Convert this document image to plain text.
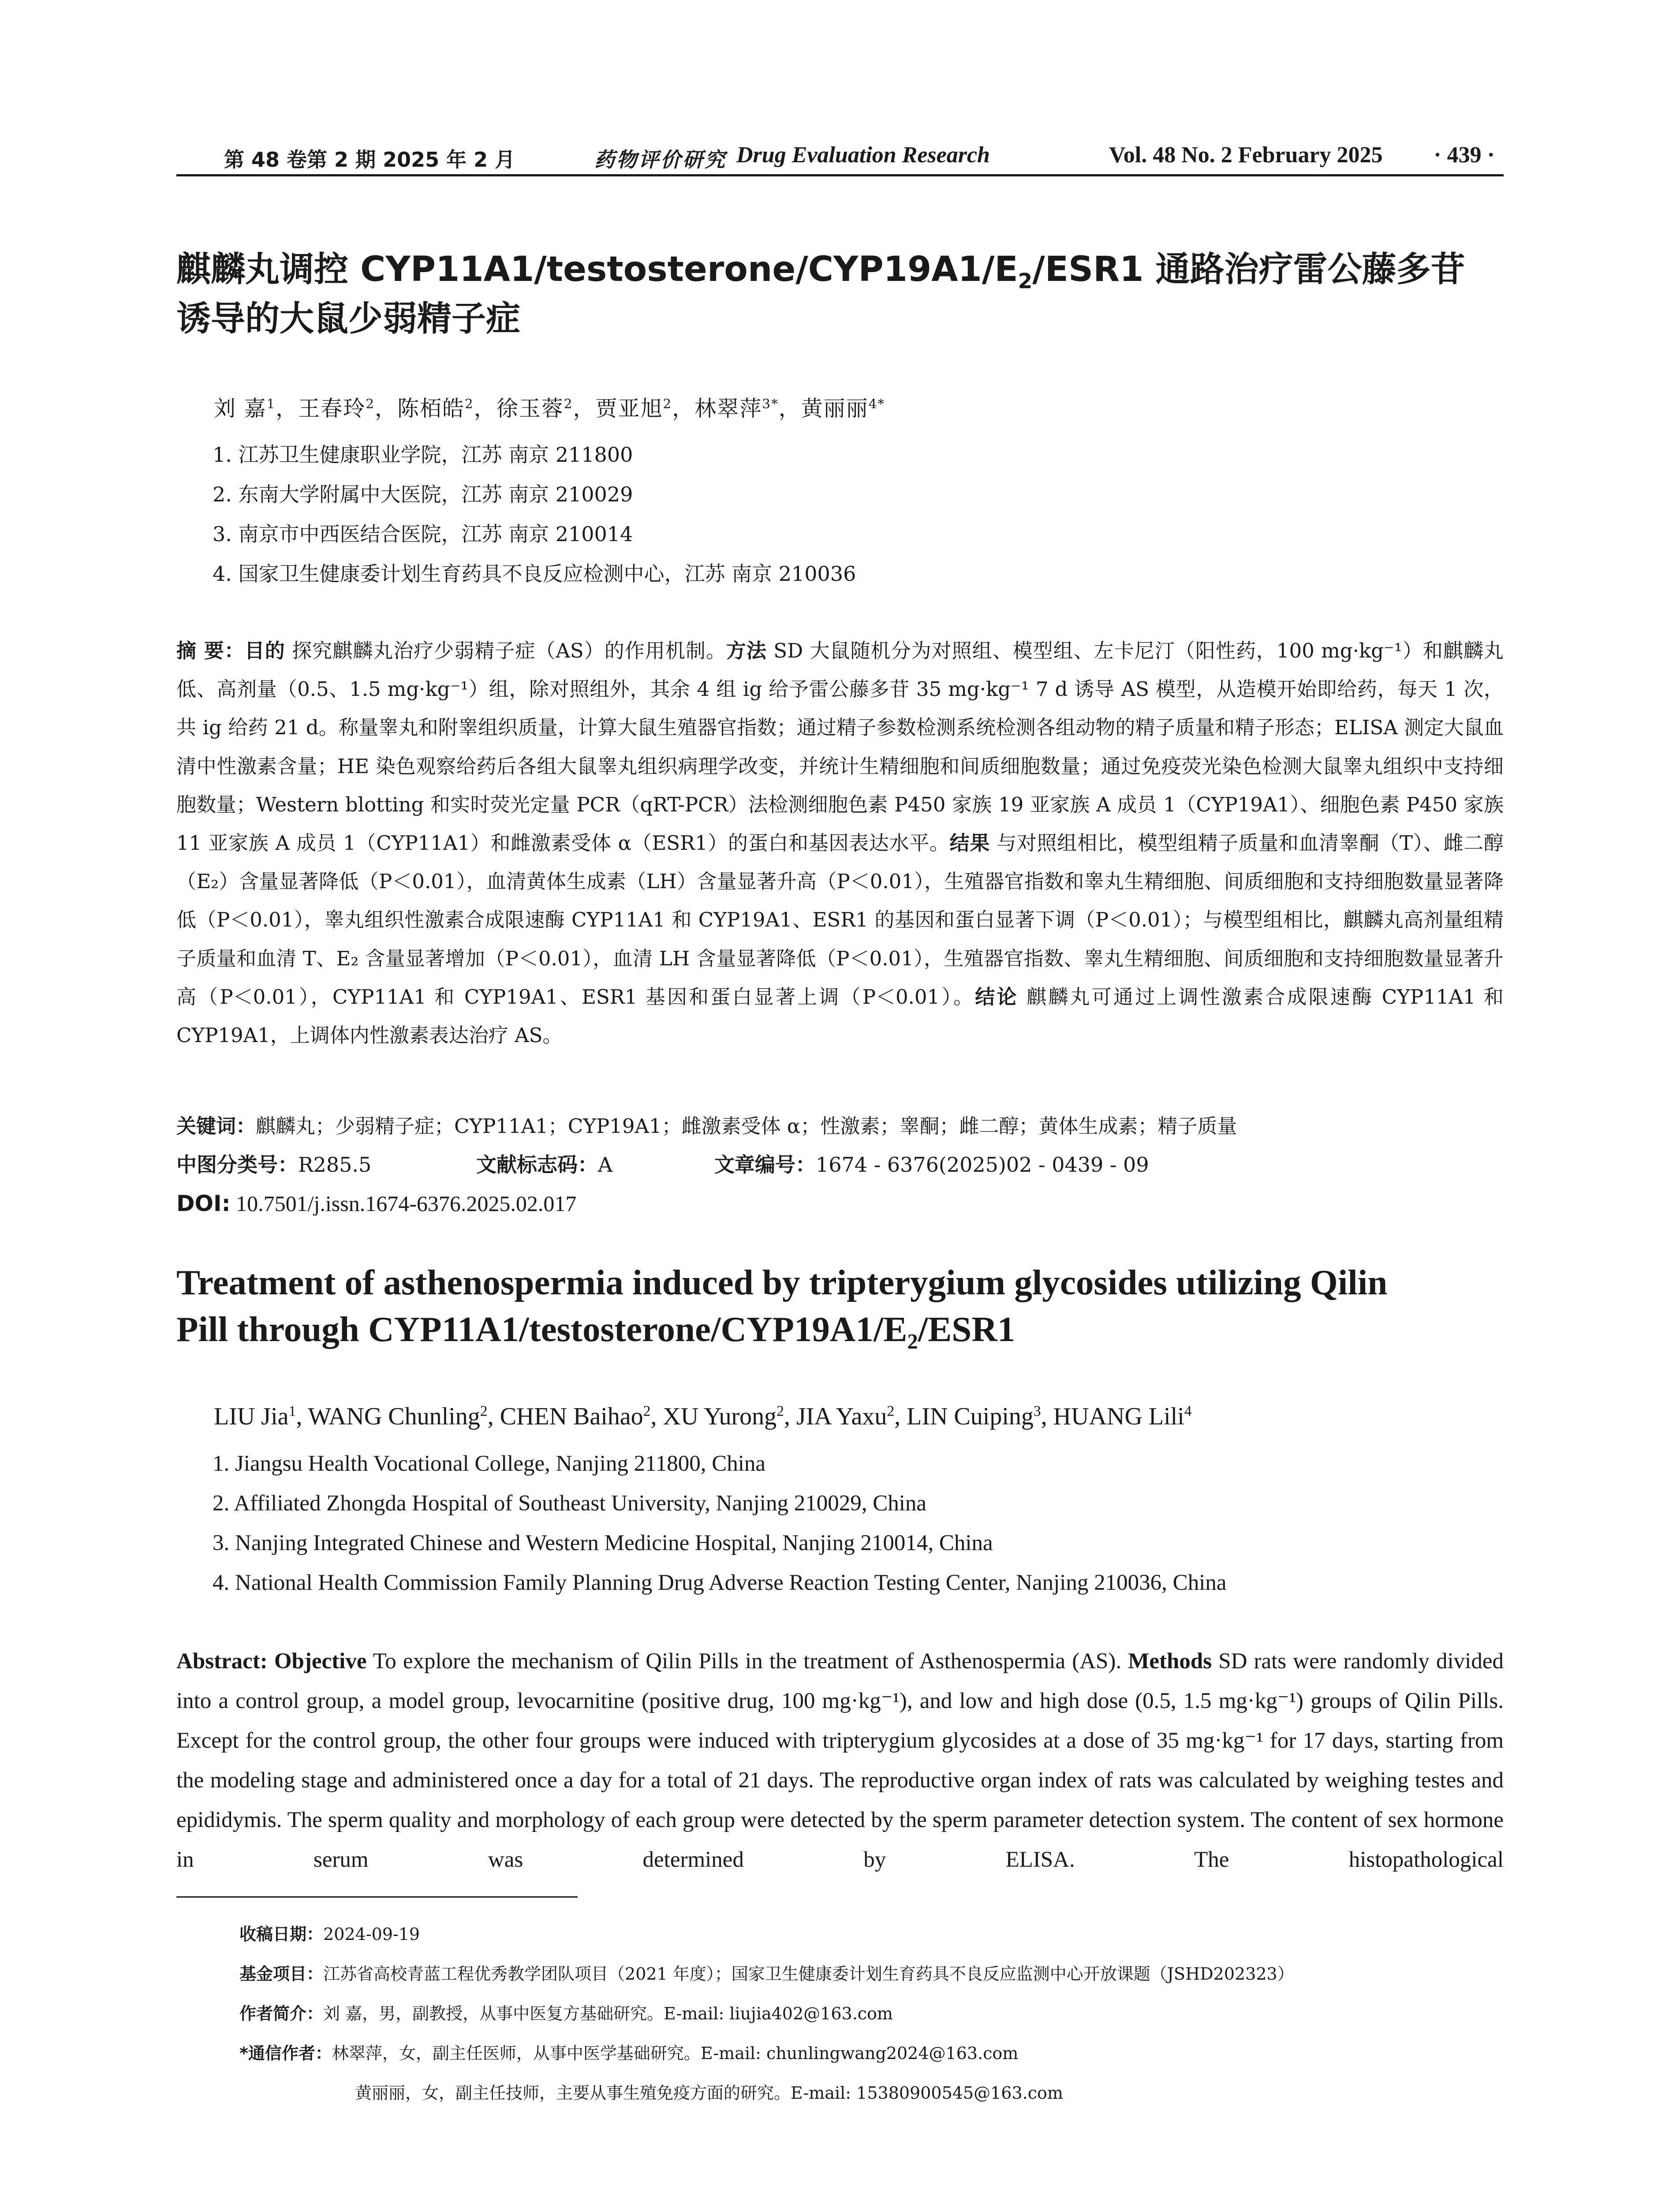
第 48 卷第 2 期 2025 年 2 月	药物评价研究 Drug Evaluation Research	Vol. 48 No. 2 February 2025 · 439 ·
麒麟丸调控 $CYP11A1/testosterone/CYP19A1/E_2/ESR1$ 通路治疗雷公藤多苷
诱导的大鼠少弱精子症
刘 嘉$^1$，王春玲$^2$，陈栢皓$^2$，徐玉蓉$^2$，贾亚旭$^2$，林翠萍$^{3*}$，黄丽丽$^{4*}$
1. 江苏卫生健康职业学院，江苏 南京 211800
2. 东南大学附属中大医院，江苏 南京 210029
3. 南京市中西医结合医院，江苏 南京 210014
4. 国家卫生健康委计划生育药具不良反应检测中心，江苏 南京 210036
摘 要：目的 探究麒麟丸治疗少弱精子症（AS）的作用机制。方法 SD 大鼠随机分为对照组、模型组、左卡尼汀（阳性药，100 mg·kg⁻¹）和麒麟丸低、高剂量（0.5、1.5 mg·kg⁻¹）组，除对照组外，其余 4 组 ig 给予雷公藤多苷 35 mg·kg⁻¹ 7 d 诱导 AS 模型，从造模开始即给药，每天 1 次，共 ig 给药 21 d。称量睾丸和附睾组织质量，计算大鼠生殖器官指数；通过精子参数检测系统检测各组动物的精子质量和精子形态；ELISA 测定大鼠血清中性激素含量；HE 染色观察给药后各组大鼠睾丸组织病理学改变，并统计生精细胞和间质细胞数量；通过免疫荧光染色检测大鼠睾丸组织中支持细胞数量；Western blotting 和实时荧光定量 PCR（qRT-PCR）法检测细胞色素 P450 家族 19 亚家族 A 成员 1（CYP19A1）、细胞色素 P450 家族 11 亚家族 A 成员 1（CYP11A1）和雌激素受体 α（ESR1）的蛋白和基因表达水平。结果 与对照组相比，模型组精子质量和血清睾酮（T）、雌二醇（E₂）含量显著降低（P＜0.01），血清黄体生成素（LH）含量显著升高（P＜0.01），生殖器官指数和睾丸生精细胞、间质细胞和支持细胞数量显著降低（P＜0.01），睾丸组织性激素合成限速酶 CYP11A1 和 CYP19A1、ESR1 的基因和蛋白显著下调（P＜0.01）；与模型组相比，麒麟丸高剂量组精子质量和血清 T、E₂ 含量显著增加（P＜0.01），血清 LH 含量显著降低（P＜0.01），生殖器官指数、睾丸生精细胞、间质细胞和支持细胞数量显著升高（P＜0.01），CYP11A1 和 CYP19A1、ESR1 基因和蛋白显著上调（P＜0.01）。结论 麒麟丸可通过上调性激素合成限速酶 CYP11A1 和 CYP19A1，上调体内性激素表达治疗 AS。
关键词：麒麟丸；少弱精子症；CYP11A1；CYP19A1；雌激素受体 α；性激素；睾酮；雌二醇；黄体生成素；精子质量
中图分类号：R285.5	文献标志码：A	文章编号：1674 - 6376(2025)02 - 0439 - 09
DOI: 10.7501/j.issn.1674-6376.2025.02.017
Treatment of asthenospermia induced by tripterygium glycosides utilizing Qilin
Pill through $CYP11A1/testosterone/CYP19A1/E_2/ESR1$
LIU Jia$^1$, WANG Chunling$^2$, CHEN Baihao$^2$, XU Yurong$^2$, JIA Yaxu$^2$, LIN Cuiping$^3$, HUANG Lili$^4$
1. Jiangsu Health Vocational College, Nanjing 211800, China
2. Affiliated Zhongda Hospital of Southeast University, Nanjing 210029, China
3. Nanjing Integrated Chinese and Western Medicine Hospital, Nanjing 210014, China
4. National Health Commission Family Planning Drug Adverse Reaction Testing Center, Nanjing 210036, China
Abstract: Objective To explore the mechanism of Qilin Pills in the treatment of Asthenospermia (AS). Methods SD rats were randomly divided into a control group, a model group, levocarnitine (positive drug, 100 mg·kg⁻¹), and low and high dose (0.5, 1.5 mg·kg⁻¹) groups of Qilin Pills. Except for the control group, the other four groups were induced with tripterygium glycosides at a dose of 35 mg·kg⁻¹ for 17 days, starting from the modeling stage and administered once a day for a total of 21 days. The reproductive organ index of rats was calculated by weighing testes and epididymis. The sperm quality and morphology of each group were detected by the sperm parameter detection system. The content of sex hormone in serum was determined by ELISA. The histopathological
收稿日期：2024-09-19
基金项目：江苏省高校青蓝工程优秀教学团队项目（2021 年度）；国家卫生健康委计划生育药具不良反应监测中心开放课题（JSHD202323）
作者简介：刘 嘉，男，副教授，从事中医复方基础研究。E-mail: liujia402@163.com
*通信作者：林翠萍，女，副主任医师，从事中医学基础研究。E-mail: chunlingwang2024@163.com
黄丽丽，女，副主任技师，主要从事生殖免疫方面的研究。E-mail: 15380900545@163.com
